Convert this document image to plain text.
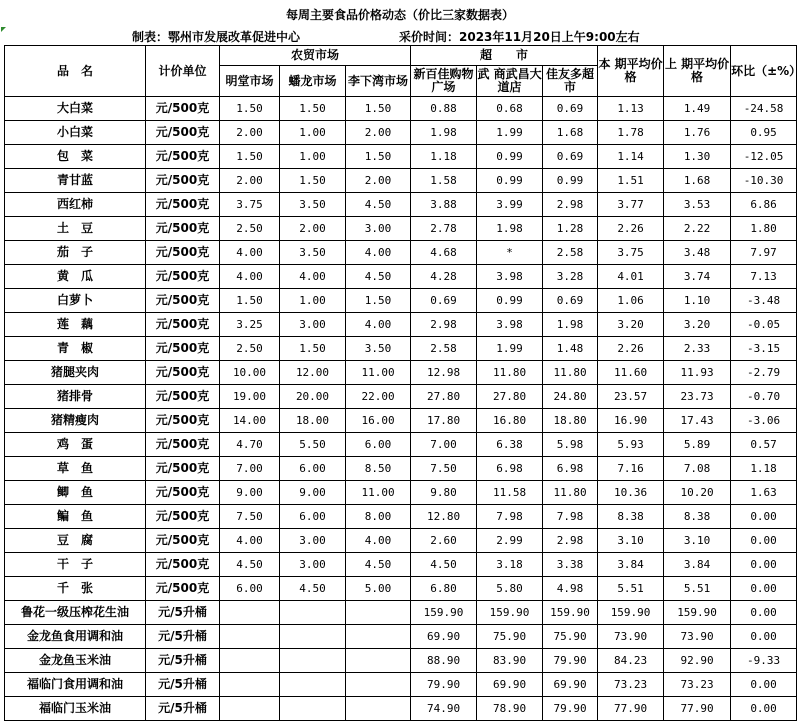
每周主要食品价格动态（价比三家数据表）
制表：鄂州市发展改革促进中心	采价时间：2023年11月20日上午9:00左右
品　名	计价单位	农贸市场			超　　市			本 期平均价格	上 期平均价格	环比（±%）
		明堂市场	蟠龙市场	李下湾市场	新百佳购物广场	武 商武昌大道店	佳友多超　市			
大白菜	元/500克	1.50	1.50	1.50	0.88	0.68	0.69	1.13	1.49	-24.58
小白菜	元/500克	2.00	1.00	2.00	1.98	1.99	1.68	1.78	1.76	0.95
包　菜	元/500克	1.50	1.00	1.50	1.18	0.99	0.69	1.14	1.30	-12.05
青甘蓝	元/500克	2.00	1.50	2.00	1.58	0.99	0.99	1.51	1.68	-10.30
西红柿	元/500克	3.75	3.50	4.50	3.88	3.99	2.98	3.77	3.53	6.86
土　豆	元/500克	2.50	2.00	3.00	2.78	1.98	1.28	2.26	2.22	1.80
茄　子	元/500克	4.00	3.50	4.00	4.68	*	2.58	3.75	3.48	7.97
黄　瓜	元/500克	4.00	4.00	4.50	4.28	3.98	3.28	4.01	3.74	7.13
白萝卜	元/500克	1.50	1.00	1.50	0.69	0.99	0.69	1.06	1.10	-3.48
莲　藕	元/500克	3.25	3.00	4.00	2.98	3.98	1.98	3.20	3.20	-0.05
青　椒	元/500克	2.50	1.50	3.50	2.58	1.99	1.48	2.26	2.33	-3.15
猪腿夹肉	元/500克	10.00	12.00	11.00	12.98	11.80	11.80	11.60	11.93	-2.79
猪排骨	元/500克	19.00	20.00	22.00	27.80	27.80	24.80	23.57	23.73	-0.70
猪精瘦肉	元/500克	14.00	18.00	16.00	17.80	16.80	18.80	16.90	17.43	-3.06
鸡　蛋	元/500克	4.70	5.50	6.00	7.00	6.38	5.98	5.93	5.89	0.57
草　鱼	元/500克	7.00	6.00	8.50	7.50	6.98	6.98	7.16	7.08	1.18
鲫　鱼	元/500克	9.00	9.00	11.00	9.80	11.58	11.80	10.36	10.20	1.63
鳊　鱼	元/500克	7.50	6.00	8.00	12.80	7.98	7.98	8.38	8.38	0.00
豆　腐	元/500克	4.00	3.00	4.00	2.60	2.99	2.98	3.10	3.10	0.00
干　子	元/500克	4.50	3.00	4.50	4.50	3.18	3.38	3.84	3.84	0.00
千　张	元/500克	6.00	4.50	5.00	6.80	5.80	4.98	5.51	5.51	0.00
鲁花一级压榨花生油	元/5升桶				159.90	159.90	159.90	159.90	159.90	0.00
金龙鱼食用调和油	元/5升桶				69.90	75.90	75.90	73.90	73.90	0.00
金龙鱼玉米油	元/5升桶				88.90	83.90	79.90	84.23	92.90	-9.33
福临门食用调和油	元/5升桶				79.90	69.90	69.90	73.23	73.23	0.00
福临门玉米油	元/5升桶				74.90	78.90	79.90	77.90	77.90	0.00
